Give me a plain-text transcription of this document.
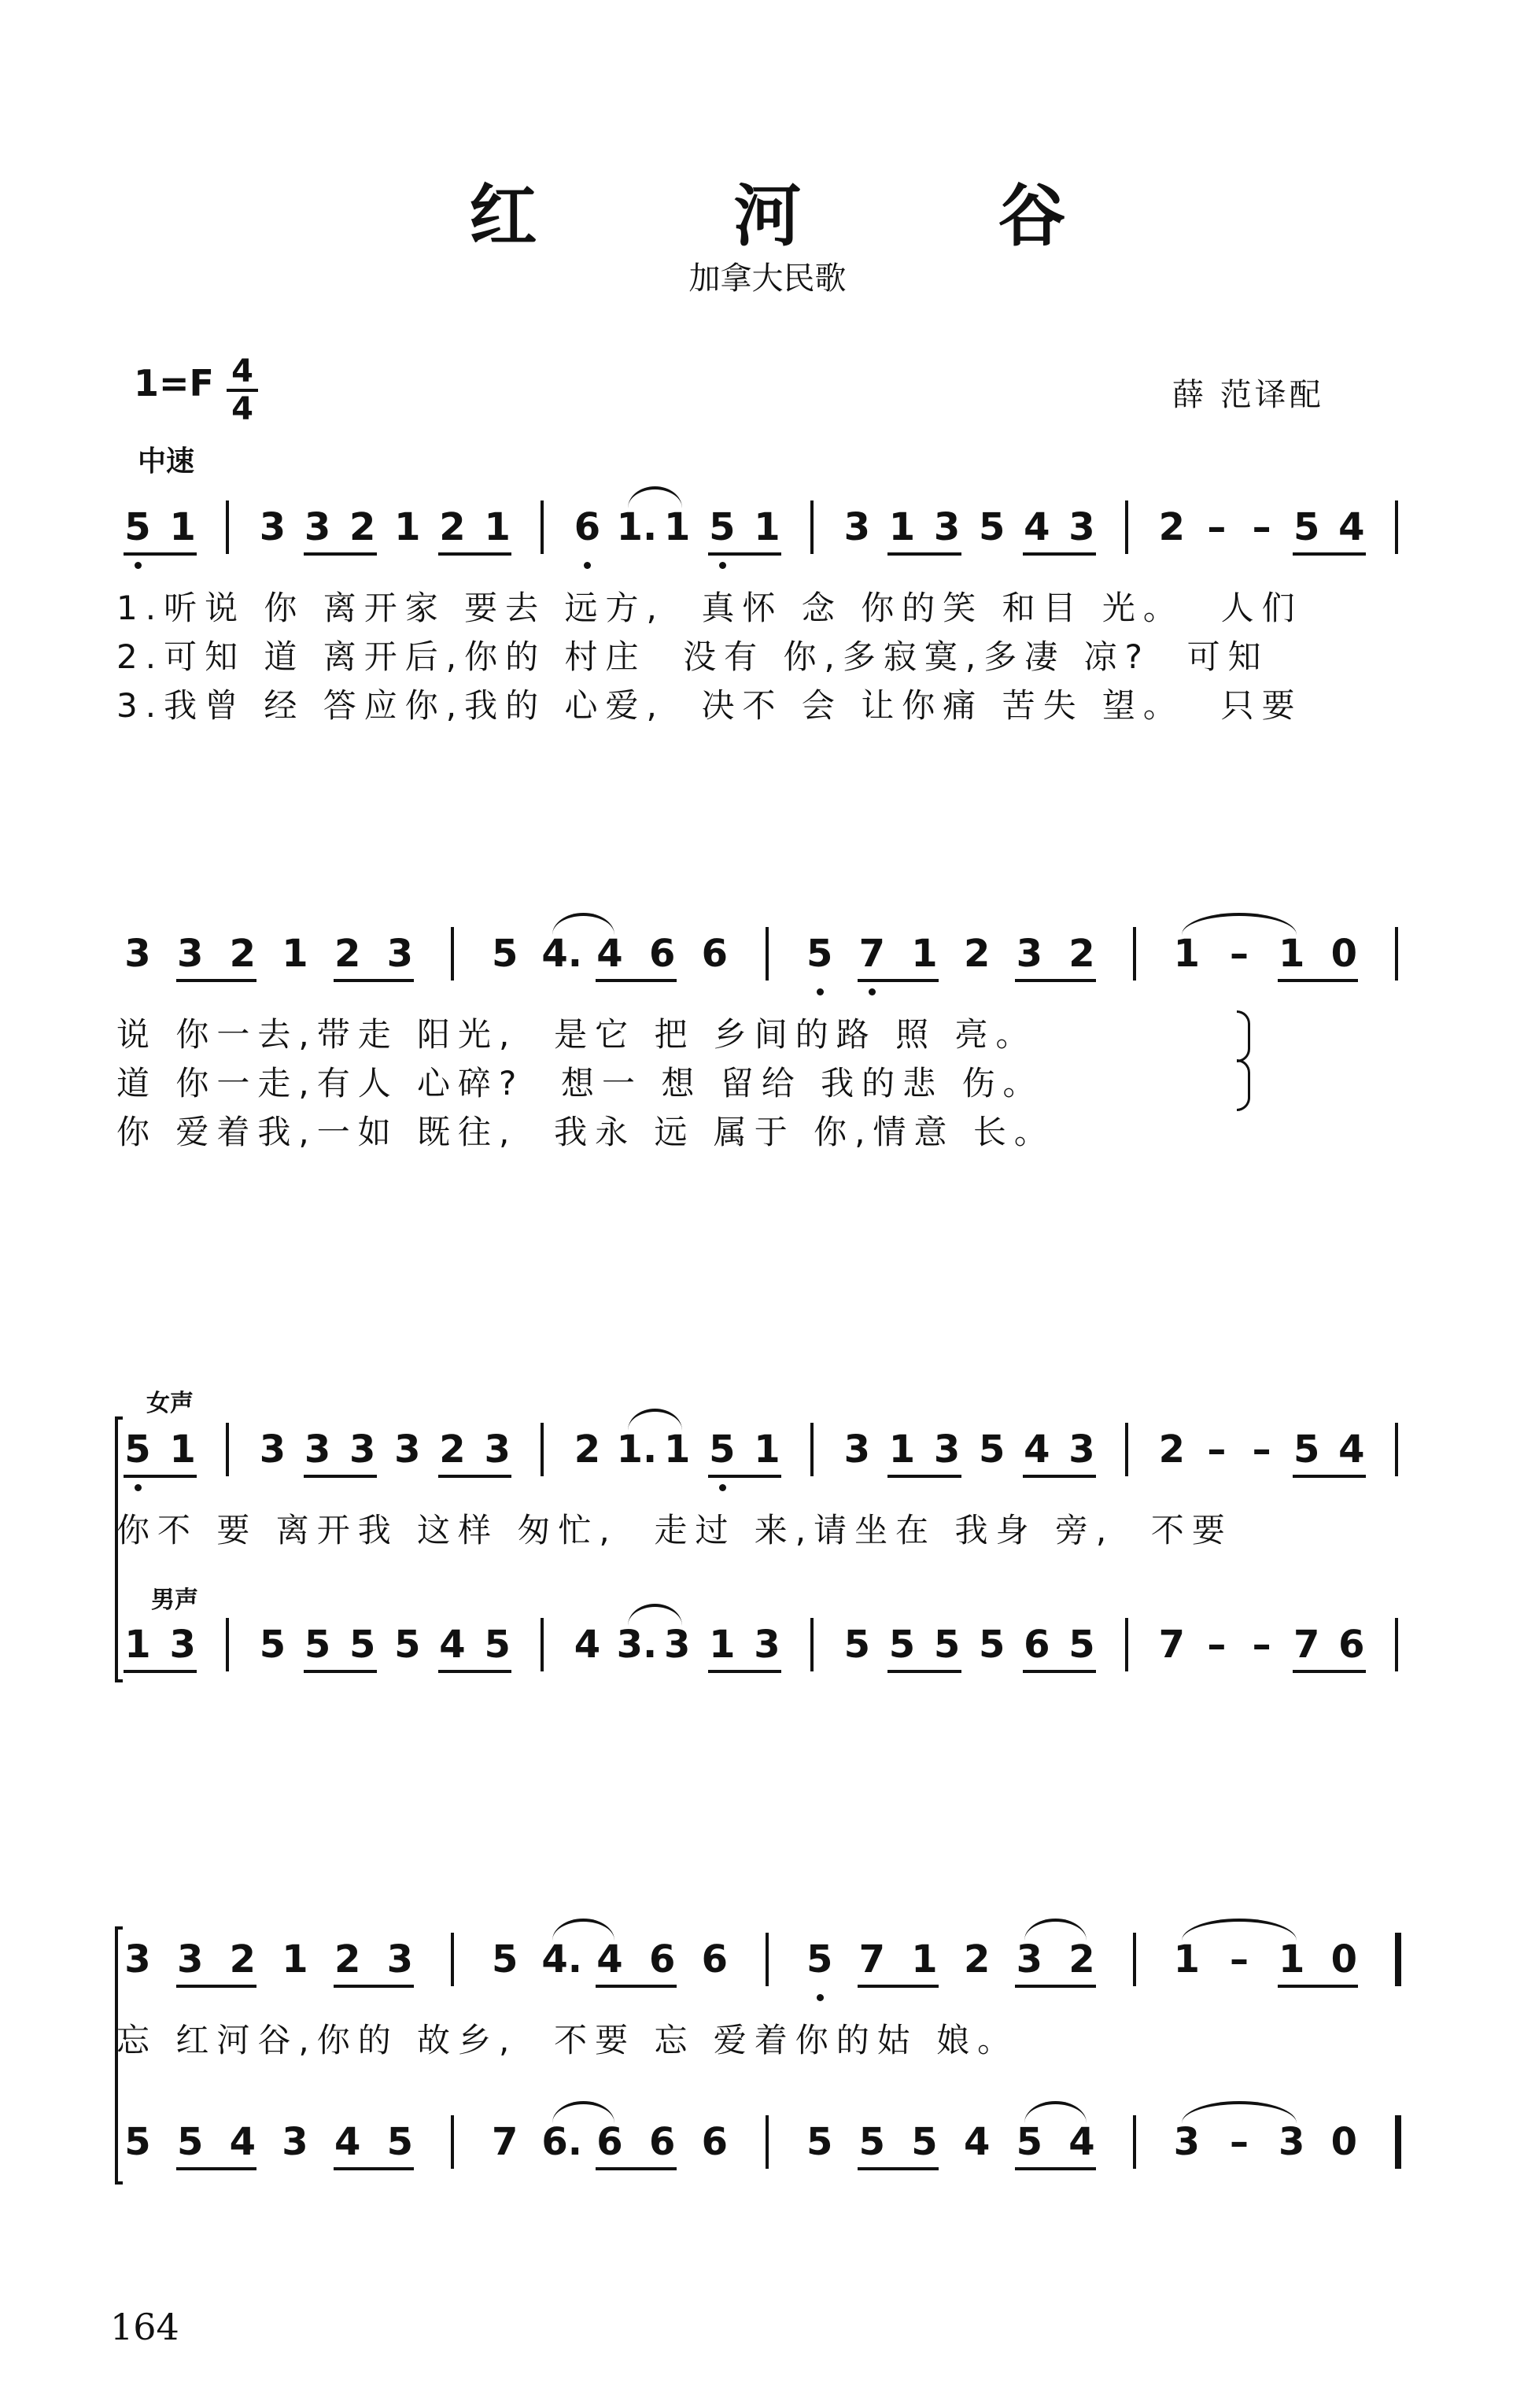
红 河 谷
加拿大民歌
1=F 4
4	薛 范译配
中速
女声
男声
5 1 3 3 2 1 2 1 6 1. 1 5 1 3 1 3 5 4 3 2 – – 5 4
1.听说 你 离开家 要去 远方,  真怀 念 你的笑 和目 光。  人们
2.可知 道 离开后,你的 村庄  没有 你,多寂寞,多凄 凉?  可知
3.我曾 经 答应你,我的 心爱,  决不 会 让你痛 苦失 望。  只要
3 3 2 1 2 3 5 4. 4 6 6 5 7 1 2 3 2 1 – 1 0
说 你一去,带走 阳光,  是它 把 乡间的路 照 亮。
道 你一走,有人 心碎?  想一 想 留给 我的悲 伤。
你 爱着我,一如 既往,  我永 远 属于 你,情意 长。
5 1 3 3 3 3 2 3 2 1. 1 5 1 3 1 3 5 4 3 2 – – 5 4
你不 要 离开我 这样 匆忙,  走过 来,请坐在 我身 旁,  不要
1 3 5 5 5 5 4 5 4 3. 3 1 3 5 5 5 5 6 5 7 – – 7 6
3 3 2 1 2 3 5 4. 4 6 6 5 7 1 2 3 2 1 – 1 0
忘 红河谷,你的 故乡,  不要 忘 爱着你的姑 娘。
5 5 4 3 4 5 7 6. 6 6 6 5 5 5 4 5 4 3 – 3 0
164
